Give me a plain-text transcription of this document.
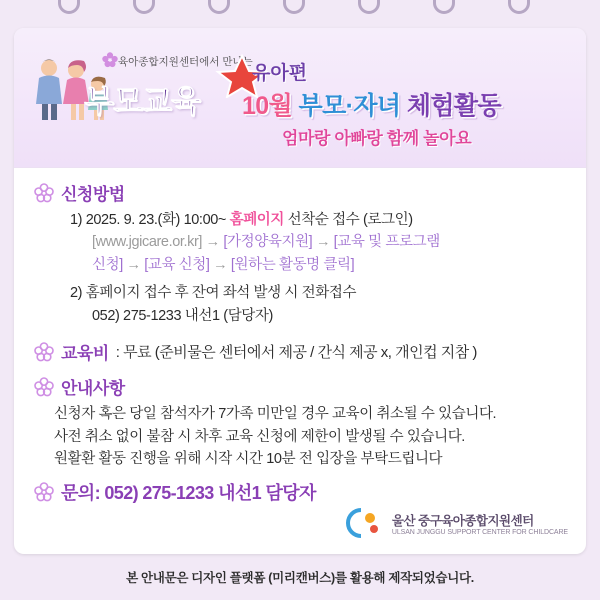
육아종합지원센터에서 만나는
부모교육
유아편
10월 부모·자녀 체험활동
엄마랑 아빠랑 함께 놀아요
신청방법
1) 2025. 9. 23.(화) 10:00~ 홈페이지 선착순 접수 (로그인)
[www.jgicare.or.kr] → [가정양육지원] → [교육 및 프로그램
신청] → [교육 신청] → [원하는 활동명 클릭]
2) 홈페이지 접수 후 잔여 좌석 발생 시 전화접수
052) 275-1233 내선1 (담당자)
교육비 : 무료 (준비물은 센터에서 제공 / 간식 제공 x, 개인컵 지참 )
안내사항
신청자 혹은 당일 참석자가 7가족 미만일 경우 교육이 취소될 수 있습니다.
사전 취소 없이 불참 시 차후 교육 신청에 제한이 발생될 수 있습니다.
원활환 활동 진행을 위해 시작 시간 10분 전 입장을 부탁드립니다
문의: 052) 275-1233 내선1 담당자
울산 중구육아종합지원센터
ULSAN JUNGGU SUPPORT CENTER FOR CHILDCARE
본 안내문은 디자인 플랫폼 (미리캔버스)를 활용해 제작되었습니다.
